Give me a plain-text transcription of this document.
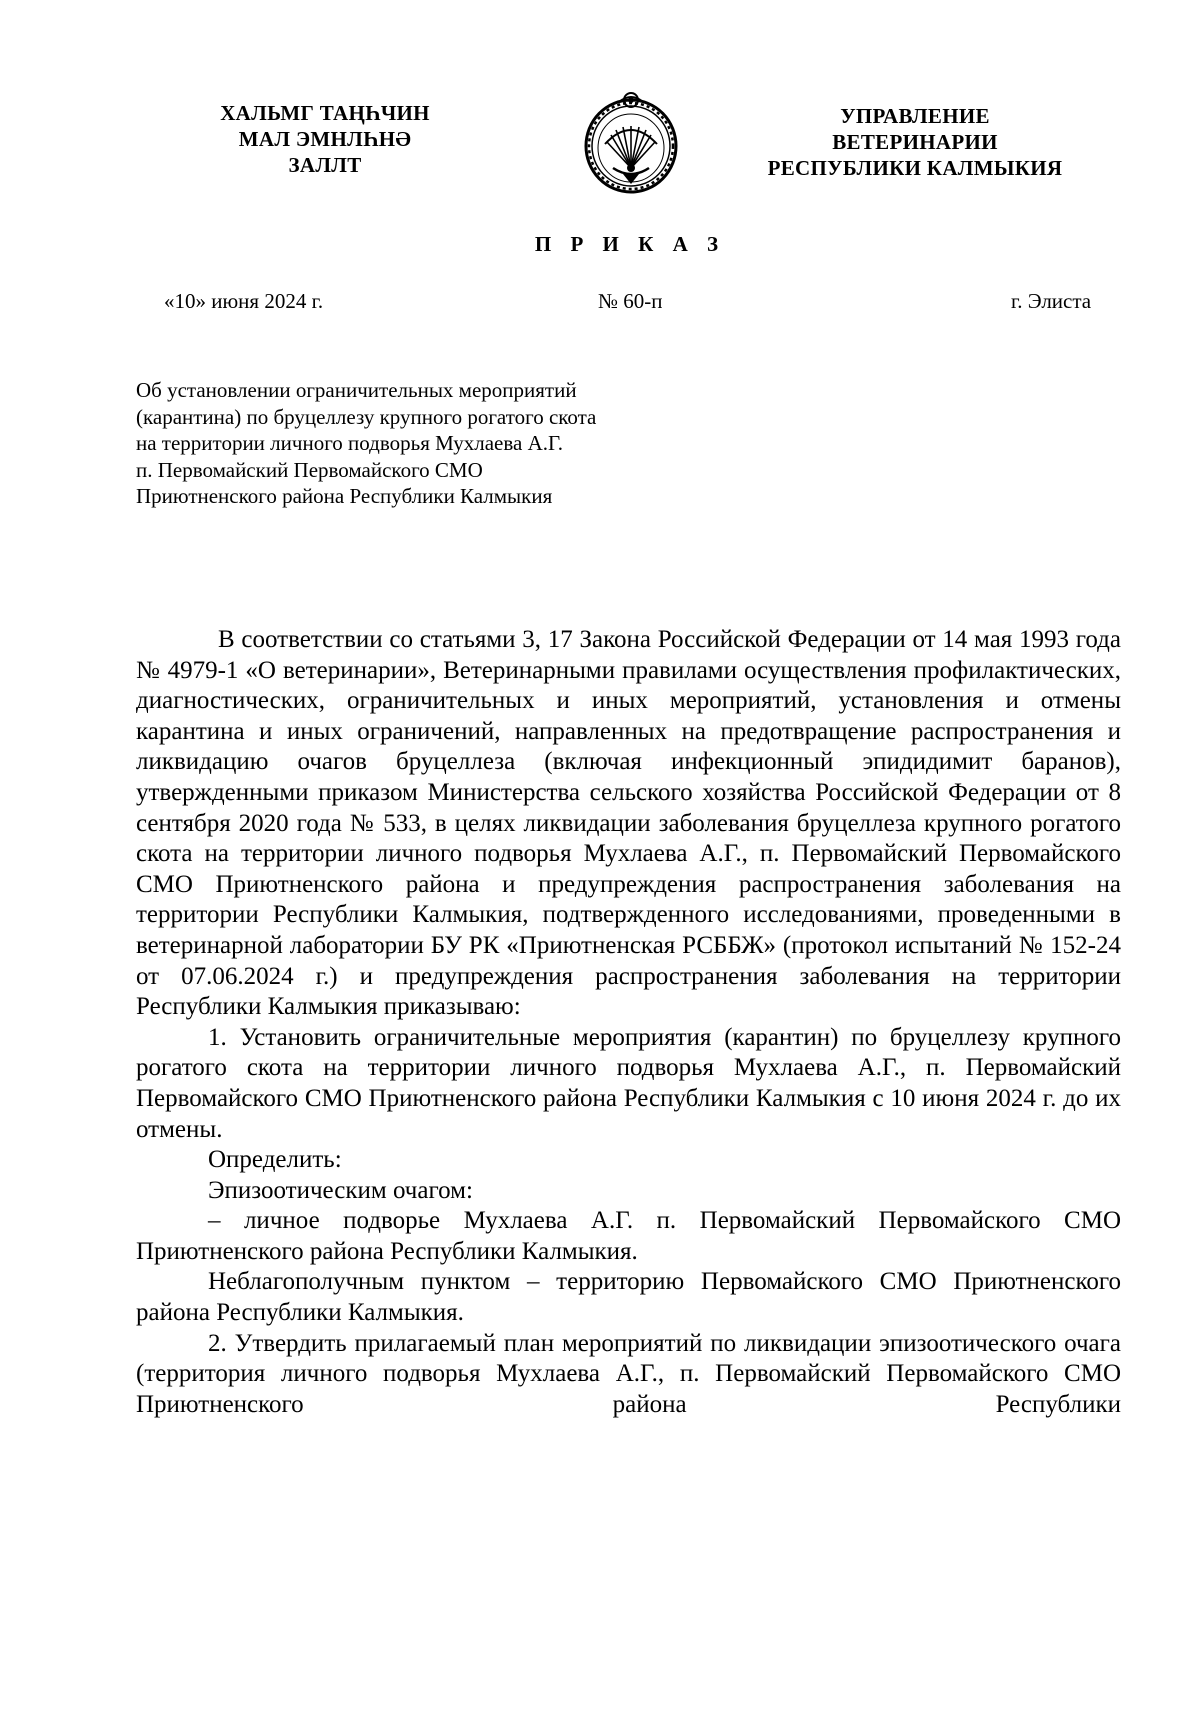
ХАЛЬМГ ТАҢҺЧИН
МАЛ ЭМНЛҺНӘ
ЗАЛЛТ
УПРАВЛЕНИЕ
ВЕТЕРИНАРИИ
РЕСПУБЛИКИ КАЛМЫКИЯ
П Р И К А З
«10» июня 2024 г.	№ 60-п	г. Элиста
Об установлении ограничительных мероприятий
(карантина) по бруцеллезу крупного рогатого скота
на территории личного подворья Мухлаева А.Г.
п. Первомайский Первомайского СМО
Приютненского района Республики Калмыкия

В соответствии со статьями 3, 17 Закона Российской Федерации от 14 мая 1993 года № 4979-1 «О ветеринарии», Ветеринарными правилами осуществления профилактических, диагностических, ограничительных и иных мероприятий, установления и отмены карантина и иных ограничений, направленных на предотвращение распространения и ликвидацию очагов бруцеллеза (включая инфекционный эпидидимит баранов), утвержденными приказом Министерства сельского хозяйства Российской Федерации от 8 сентября 2020 года № 533, в целях ликвидации заболевания бруцеллеза крупного рогатого скота на территории личного подворья Мухлаева А.Г., п. Первомайский Первомайского СМО Приютненского района и предупреждения распространения заболевания на территории Республики Калмыкия, подтвержденного исследованиями, проведенными в ветеринарной лаборатории БУ РК «Приютненская РСББЖ» (протокол испытаний № 152-24 от 07.06.2024 г.) и предупреждения распространения заболевания на территории Республики Калмыкия приказываю:

1. Установить ограничительные мероприятия (карантин) по бруцеллезу крупного рогатого скота на территории личного подворья Мухлаева А.Г., п. Первомайский Первомайского СМО Приютненского района Республики Калмыкия с 10 июня 2024 г. до их отмены.

Определить:

Эпизоотическим очагом:

– личное подворье Мухлаева А.Г. п. Первомайский Первомайского СМО Приютненского района Республики Калмыкия.

Неблагополучным пунктом – территорию Первомайского СМО Приютненского района Республики Калмыкия.

2. Утвердить прилагаемый план мероприятий по ликвидации эпизоотического очага (территория личного подворья Мухлаева А.Г., п. Первомайский Первомайского СМО Приютненского района Республики
